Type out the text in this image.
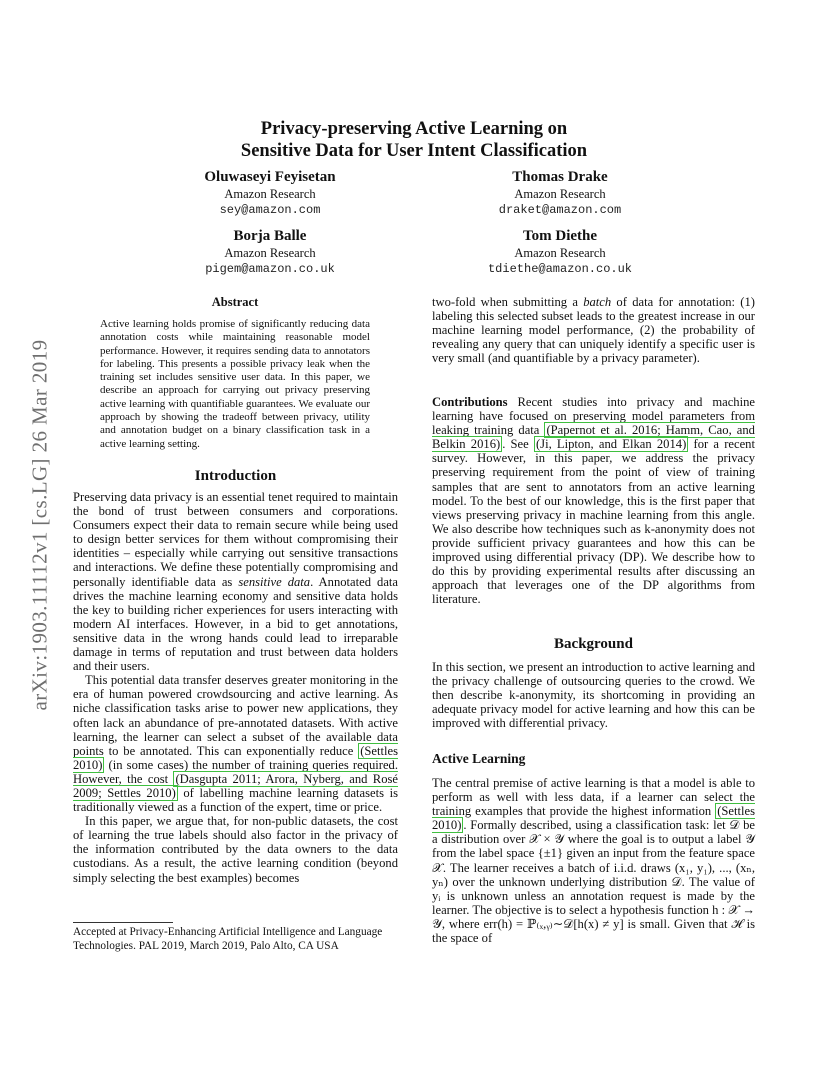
arXiv:1903.11112v1 [cs.LG] 26 Mar 2019
Privacy-preserving Active Learning on
Sensitive Data for User Intent Classification
Oluwaseyi Feyisetan
Amazon Research
sey@amazon.com
Thomas Drake
Amazon Research
draket@amazon.com
Borja Balle
Amazon Research
pigem@amazon.co.uk
Tom Diethe
Amazon Research
tdiethe@amazon.co.uk
Abstract
Active learning holds promise of significantly reducing data annotation costs while maintaining reasonable model performance. However, it requires sending data to annotators for labeling. This presents a possible privacy leak when the training set includes sensitive user data. In this paper, we describe an approach for carrying out privacy preserving active learning with quantifiable guarantees. We evaluate our approach by showing the tradeoff between privacy, utility and annotation budget on a binary classification task in a active learning setting.
Introduction

Preserving data privacy is an essential tenet required to maintain the bond of trust between consumers and corporations. Consumers expect their data to remain secure while being used to design better services for them without compromising their identities – especially while carrying out sensitive transactions and interactions. We define these potentially compromising and personally identifiable data as sensitive data. Annotated data drives the machine learning economy and sensitive data holds the key to building richer experiences for users interacting with modern AI interfaces. However, in a bid to get annotations, sensitive data in the wrong hands could lead to irreparable damage in terms of reputation and trust between data holders and their users.

This potential data transfer deserves greater monitoring in the era of human powered crowdsourcing and active learning. As niche classification tasks arise to power new applications, they often lack an abundance of pre-annotated datasets. With active learning, the learner can select a subset of the available data points to be annotated. This can exponentially reduce (Settles 2010) (in some cases) the number of training queries required. However, the cost (Dasgupta 2011; Arora, Nyberg, and Rosé 2009; Settles 2010) of labelling machine learning datasets is traditionally viewed as a function of the expert, time or price.

In this paper, we argue that, for non-public datasets, the cost of learning the true labels should also factor in the privacy of the information contributed by the data owners to the data custodians. As a result, the active learning condition (beyond simply selecting the best examples) becomes

Accepted at Privacy-Enhancing Artificial Intelligence and Language Technologies. PAL 2019, March 2019, Palo Alto, CA USA

two-fold when submitting a batch of data for annotation: (1) labeling this selected subset leads to the greatest increase in our machine learning model performance, (2) the probability of revealing any query that can uniquely identify a specific user is very small (and quantifiable by a privacy parameter).

Contributions Recent studies into privacy and machine learning have focused on preserving model parameters from leaking training data (Papernot et al. 2016; Hamm, Cao, and Belkin 2016) . See (Ji, Lipton, and Elkan 2014) for a recent survey. However, in this paper, we address the privacy preserving requirement from the point of view of training samples that are sent to annotators from an active learning model. To the best of our knowledge, this is the first paper that views preserving privacy in machine learning from this angle. We also describe how techniques such as k-anonymity does not provide sufficient privacy guarantees and how this can be improved using differential privacy (DP). We describe how to do this by providing experimental results after discussing an approach that leverages one of the DP algorithms from literature.

Background
In this section, we present an introduction to active learning and the privacy challenge of outsourcing queries to the crowd. We then describe k-anonymity, its shortcoming in providing an adequate privacy model for active learning and how this can be improved with differential privacy.
Active Learning

The central premise of active learning is that a model is able to perform as well with less data, if a learner can select the training examples that provide the highest information (Settles 2010) . Formally described, using a classification task: let 𝒟 be a distribution over 𝒳 × 𝒴 where the goal is to output a label 𝒴 from the label space {±1} given an input from the feature space 𝒳. The learner receives a batch of i.i.d. draws (x₁, y₁), ..., (xₙ, yₙ) over the unknown underlying distribution 𝒟. The value of yᵢ is unknown unless an annotation request is made by the learner. The objective is to select a hypothesis function h : 𝒳 → 𝒴, where err(h) = ℙ₍ₓ,ᵧ₎∼𝒟[h(x) ≠ y] is small. Given that ℋ is the space of
